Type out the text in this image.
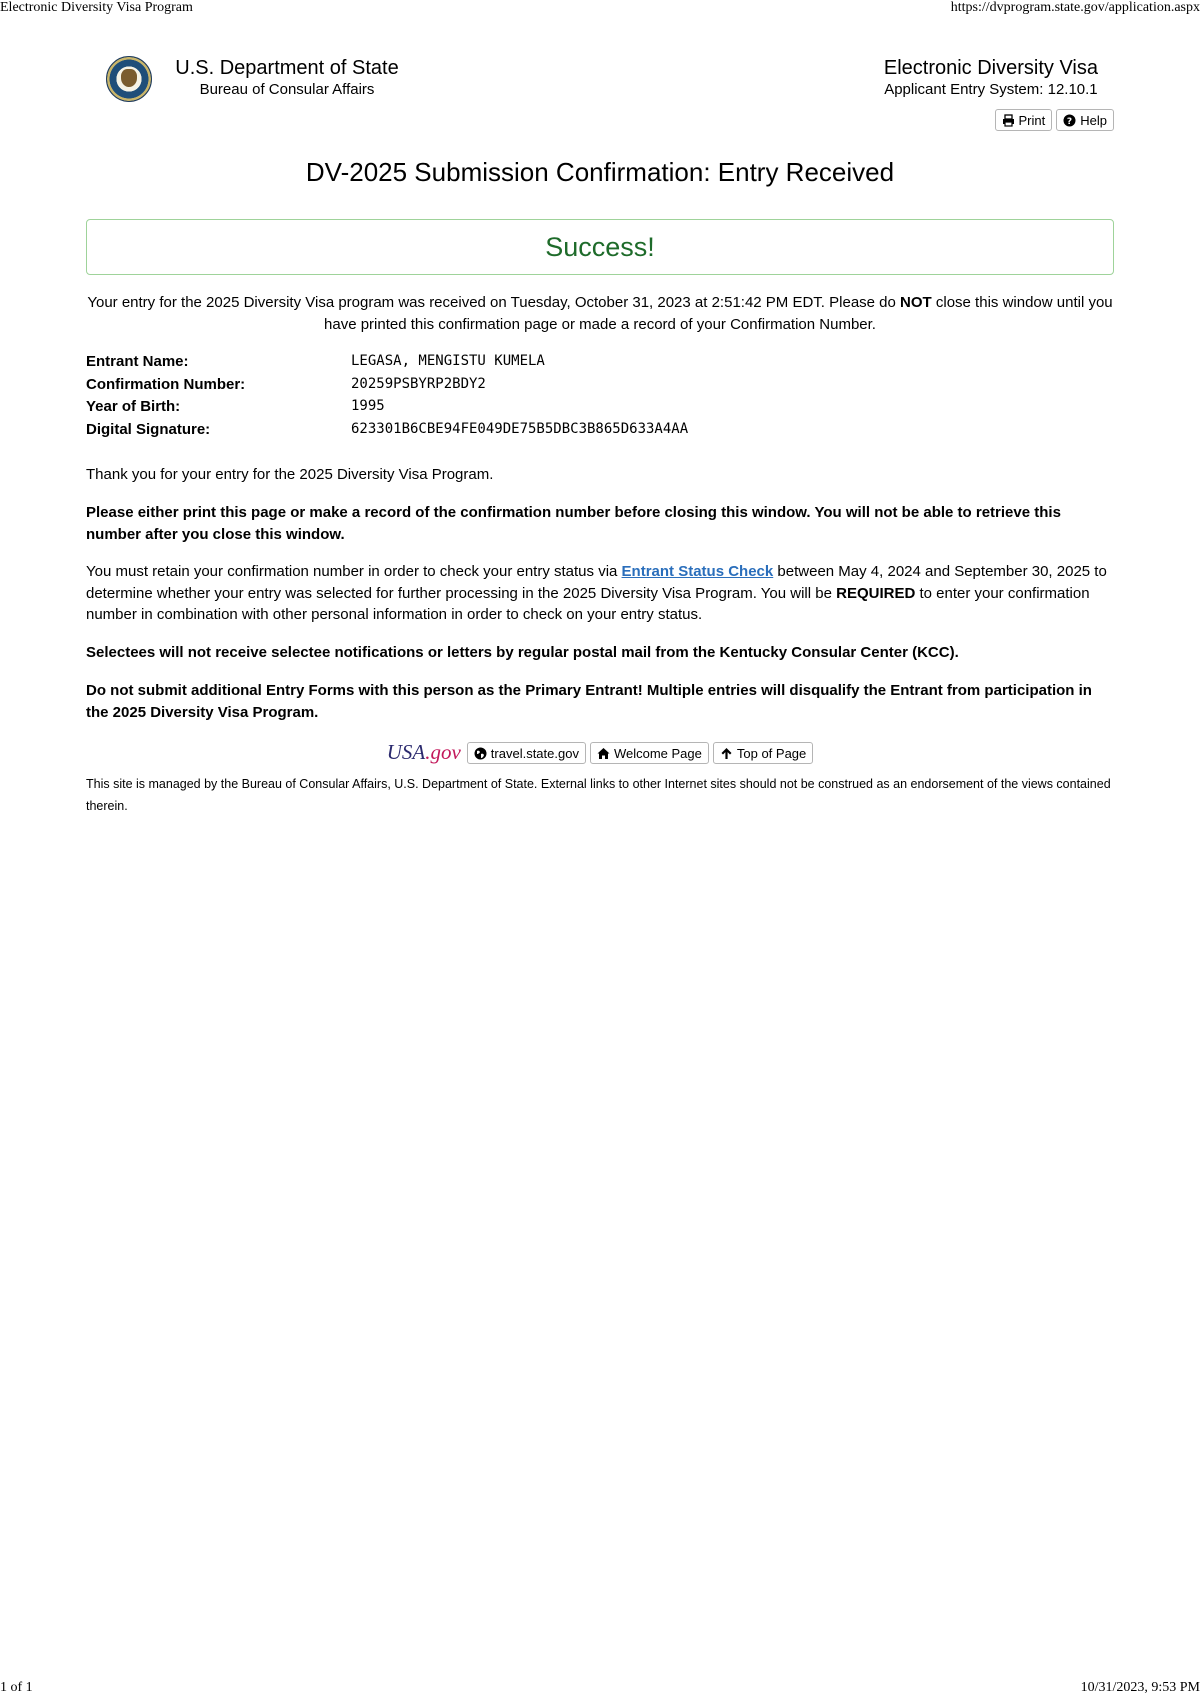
Electronic Diversity Visa Program	https://dvprogram.state.gov/application.aspx
U.S. Department of State
Bureau of Consular Affairs
Electronic Diversity Visa
Applicant Entry System: 12.10.1
Print ? Help
DV-2025 Submission Confirmation: Entry Received
Success!
Your entry for the 2025 Diversity Visa program was received on Tuesday, October 31, 2023 at 2:51:42 PM EDT. Please do NOT close this window until you have printed this confirmation page or made a record of your Confirmation Number.
Entrant Name:	LEGASA, MENGISTU KUMELA
Confirmation Number:	20259PSBYRP2BDY2
Year of Birth:	1995
Digital Signature:	623301B6CBE94FE049DE75B5DBC3B865D633A4AA
Thank you for your entry for the 2025 Diversity Visa Program.
Please either print this page or make a record of the confirmation number before closing this window. You will not be able to retrieve this number after you close this window.
You must retain your confirmation number in order to check your entry status via Entrant Status Check between May 4, 2024 and September 30, 2025 to determine whether your entry was selected for further processing in the 2025 Diversity Visa Program. You will be REQUIRED to enter your confirmation number in combination with other personal information in order to check on your entry status.
Selectees will not receive selectee notifications or letters by regular postal mail from the Kentucky Consular Center (KCC).
Do not submit additional Entry Forms with this person as the Primary Entrant! Multiple entries will disqualify the Entrant from participation in the 2025 Diversity Visa Program.
USA .gov travel.state.gov	Welcome Page	Top of Page
This site is managed by the Bureau of Consular Affairs, U.S. Department of State. External links to other Internet sites should not be construed as an endorsement of the views contained therein.
1 of 1	10/31/2023, 9:53 PM
